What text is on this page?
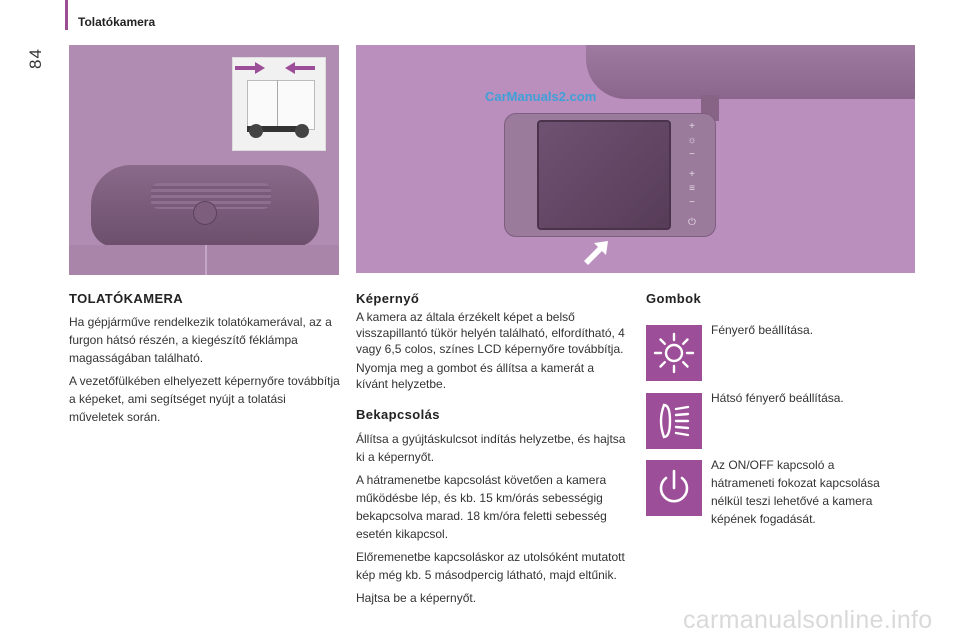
84
Tolatókamera
CarManuals2.com
+
☼
−
+
≡
−
⏻
TOLATÓKAMERA

Ha gépjárműve rendelkezik tolatókamerával, az a furgon hátsó részén, a kiegészítő féklámpa magasságában található.

A vezetőfülkében elhelyezett képernyőre továbbítja a képeket, ami segítséget nyújt a tolatási műveletek során.

Képernyő

A kamera az általa érzékelt képet a belső visszapillantó tükör helyén található, elfordítható, 4 vagy 6,5 colos, színes LCD képernyőre továbbítja.

Nyomja meg a gombot és állítsa a kamerát a kívánt helyzetbe.

Bekapcsolás

Állítsa a gyújtáskulcsot indítás helyzetbe, és hajtsa ki a képernyőt.

A hátramenetbe kapcsolást követően a kamera működésbe lép, és kb. 15 km/órás sebességig bekapcsolva marad. 18 km/óra feletti sebesség esetén kikapcsol.

Előremenetbe kapcsoláskor az utolsóként mutatott kép még kb. 5 másodpercig látható, majd eltűnik.

Hajtsa be a képernyőt.

Gombok
Fényerő beállítása.
Hátsó fényerő beállítása.
Az ON/OFF kapcsoló a hátrameneti fokozat kapcsolása nélkül teszi lehetővé a kamera képének fogadását.
carmanualsonline.info
